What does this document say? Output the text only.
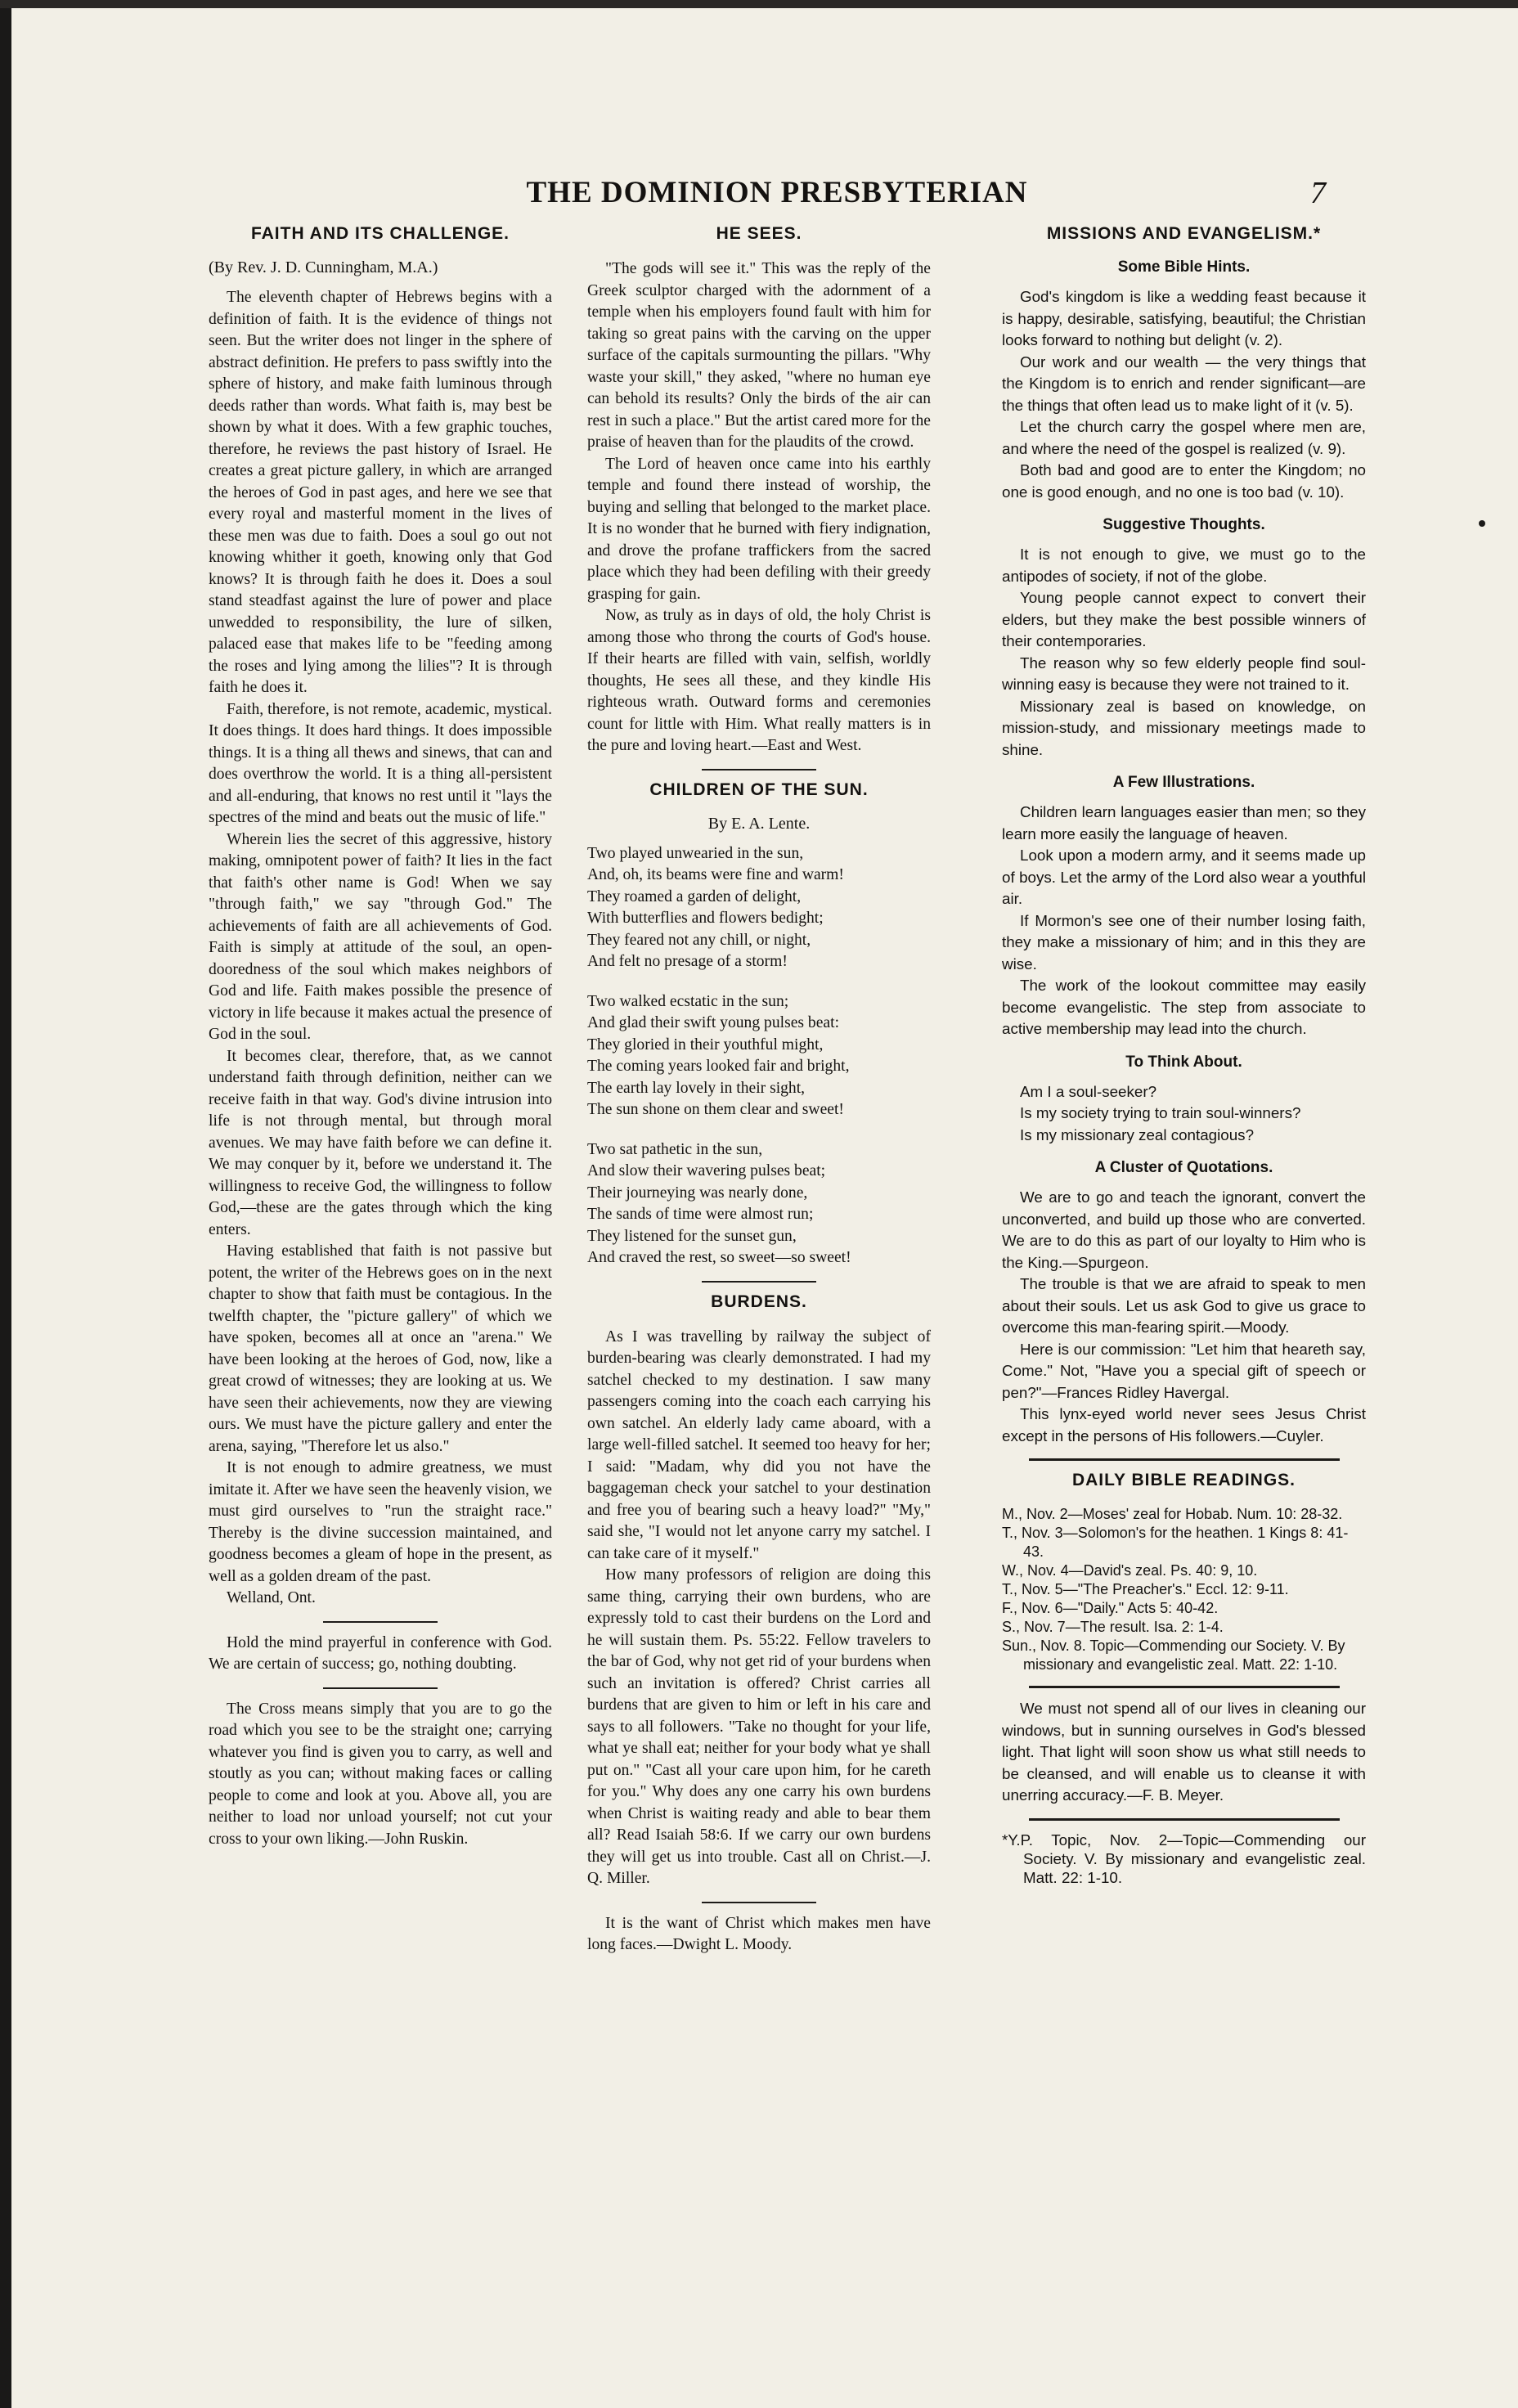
THE DOMINION PRESBYTERIAN	7
FAITH AND ITS CHALLENGE.
(By Rev. J. D. Cunningham, M.A.)

The eleventh chapter of Hebrews begins with a definition of faith. It is the evidence of things not seen. But the writer does not linger in the sphere of abstract definition. He prefers to pass swiftly into the sphere of history, and make faith luminous through deeds rather than words. What faith is, may best be shown by what it does. With a few graphic touches, therefore, he reviews the past history of Israel. He creates a great picture gallery, in which are arranged the heroes of God in past ages, and here we see that every royal and masterful moment in the lives of these men was due to faith. Does a soul go out not knowing whither it goeth, knowing only that God knows? It is through faith he does it. Does a soul stand steadfast against the lure of power and place unwedded to responsibility, the lure of silken, palaced ease that makes life to be "feeding among the roses and lying among the lilies"? It is through faith he does it.

Faith, therefore, is not remote, academic, mystical. It does things. It does hard things. It does impossible things. It is a thing all thews and sinews, that can and does overthrow the world. It is a thing all-persistent and all-enduring, that knows no rest until it "lays the spectres of the mind and beats out the music of life."

Wherein lies the secret of this aggressive, history making, omnipotent power of faith? It lies in the fact that faith's other name is God! When we say "through faith," we say "through God." The achievements of faith are all achievements of God. Faith is simply at attitude of the soul, an open-dooredness of the soul which makes neighbors of God and life. Faith makes possible the presence of victory in life because it makes actual the presence of God in the soul.

It becomes clear, therefore, that, as we cannot understand faith through definition, neither can we receive faith in that way. God's divine intrusion into life is not through mental, but through moral avenues. We may have faith before we can define it. We may conquer by it, before we understand it. The willingness to receive God, the willingness to follow God,—these are the gates through which the king enters.

Having established that faith is not passive but potent, the writer of the Hebrews goes on in the next chapter to show that faith must be contagious. In the twelfth chapter, the "picture gallery" of which we have spoken, becomes all at once an "arena." We have been looking at the heroes of God, now, like a great crowd of witnesses; they are looking at us. We have seen their achievements, now they are viewing ours. We must have the picture gallery and enter the arena, saying, "Therefore let us also."

It is not enough to admire greatness, we must imitate it. After we have seen the heavenly vision, we must gird ourselves to "run the straight race." Thereby is the divine succession maintained, and goodness becomes a gleam of hope in the present, as well as a golden dream of the past.

Welland, Ont.

Hold the mind prayerful in conference with God. We are certain of success; go, nothing doubting.

The Cross means simply that you are to go the road which you see to be the straight one; carrying whatever you find is given you to carry, as well and stoutly as you can; without making faces or calling people to come and look at you. Above all, you are neither to load nor unload yourself; not cut your cross to your own liking.—John Ruskin.

HE SEES.

"The gods will see it." This was the reply of the Greek sculptor charged with the adornment of a temple when his employers found fault with him for taking so great pains with the carving on the upper surface of the capitals surmounting the pillars. "Why waste your skill," they asked, "where no human eye can behold its results? Only the birds of the air can rest in such a place." But the artist cared more for the praise of heaven than for the plaudits of the crowd.

The Lord of heaven once came into his earthly temple and found there instead of worship, the buying and selling that belonged to the market place. It is no wonder that he burned with fiery indignation, and drove the profane traffickers from the sacred place which they had been defiling with their greedy grasping for gain.

Now, as truly as in days of old, the holy Christ is among those who throng the courts of God's house. If their hearts are filled with vain, selfish, worldly thoughts, He sees all these, and they kindle His righteous wrath. Outward forms and ceremonies count for little with Him. What really matters is in the pure and loving heart.—East and West.

CHILDREN OF THE SUN.
By E. A. Lente.
Two played unwearied in the sun,
And, oh, its beams were fine and warm!
They roamed a garden of delight,
With butterflies and flowers bedight;
They feared not any chill, or night,
And felt no presage of a storm!
Two walked ecstatic in the sun;
And glad their swift young pulses beat:
They gloried in their youthful might,
The coming years looked fair and bright,
The earth lay lovely in their sight,
The sun shone on them clear and sweet!
Two sat pathetic in the sun,
And slow their wavering pulses beat;
Their journeying was nearly done,
The sands of time were almost run;
They listened for the sunset gun,
And craved the rest, so sweet—so sweet!
BURDENS.

As I was travelling by railway the subject of burden-bearing was clearly demonstrated. I had my satchel checked to my destination. I saw many passengers coming into the coach each carrying his own satchel. An elderly lady came aboard, with a large well-filled satchel. It seemed too heavy for her; I said: "Madam, why did you not have the baggageman check your satchel to your destination and free you of bearing such a heavy load?" "My," said she, "I would not let anyone carry my satchel. I can take care of it myself."

How many professors of religion are doing this same thing, carrying their own burdens, who are expressly told to cast their burdens on the Lord and he will sustain them. Ps. 55:22. Fellow travelers to the bar of God, why not get rid of your burdens when such an invitation is offered? Christ carries all burdens that are given to him or left in his care and says to all followers. "Take no thought for your life, what ye shall eat; neither for your body what ye shall put on." "Cast all your care upon him, for he careth for you." Why does any one carry his own burdens when Christ is waiting ready and able to bear them all? Read Isaiah 58:6. If we carry our own burdens they will get us into trouble. Cast all on Christ.—J. Q. Miller.

It is the want of Christ which makes men have long faces.—Dwight L. Moody.

MISSIONS AND EVANGELISM.*
Some Bible Hints.

God's kingdom is like a wedding feast because it is happy, desirable, satisfying, beautiful; the Christian looks forward to nothing but delight (v. 2).

Our work and our wealth — the very things that the Kingdom is to enrich and render significant—are the things that often lead us to make light of it (v. 5).

Let the church carry the gospel where men are, and where the need of the gospel is realized (v. 9).

Both bad and good are to enter the Kingdom; no one is good enough, and no one is too bad (v. 10).

Suggestive Thoughts.

It is not enough to give, we must go to the antipodes of society, if not of the globe.

Young people cannot expect to convert their elders, but they make the best possible winners of their contemporaries.

The reason why so few elderly people find soul-winning easy is because they were not trained to it.

Missionary zeal is based on knowledge, on mission-study, and missionary meetings made to shine.

A Few Illustrations.

Children learn languages easier than men; so they learn more easily the language of heaven.

Look upon a modern army, and it seems made up of boys. Let the army of the Lord also wear a youthful air.

If Mormon's see one of their number losing faith, they make a missionary of him; and in this they are wise.

The work of the lookout committee may easily become evangelistic. The step from associate to active membership may lead into the church.

To Think About.
Am I a soul-seeker?
Is my society trying to train soul-winners?
Is my missionary zeal contagious?
A Cluster of Quotations.

We are to go and teach the ignorant, convert the unconverted, and build up those who are converted. We are to do this as part of our loyalty to Him who is the King.—Spurgeon.

The trouble is that we are afraid to speak to men about their souls. Let us ask God to give us grace to overcome this man-fearing spirit.—Moody.

Here is our commission: "Let him that heareth say, Come." Not, "Have you a special gift of speech or pen?"—Frances Ridley Havergal.

This lynx-eyed world never sees Jesus Christ except in the persons of His followers.—Cuyler.

DAILY BIBLE READINGS.
M., Nov. 2—Moses' zeal for Hobab. Num. 10: 28-32.
T., Nov. 3—Solomon's for the heathen. 1 Kings 8: 41-43.
W., Nov. 4—David's zeal. Ps. 40: 9, 10.
T., Nov. 5—"The Preacher's." Eccl. 12: 9-11.
F., Nov. 6—"Daily." Acts 5: 40-42.
S., Nov. 7—The result. Isa. 2: 1-4.
Sun., Nov. 8. Topic—Commending our Society. V. By missionary and evangelistic zeal. Matt. 22: 1-10.

We must not spend all of our lives in cleaning our windows, but in sunning ourselves in God's blessed light. That light will soon show us what still needs to be cleansed, and will enable us to cleanse it with unerring accuracy.—F. B. Meyer.

*Y.P. Topic, Nov. 2—Topic—Commending our Society. V. By missionary and evangelistic zeal. Matt. 22: 1-10.
